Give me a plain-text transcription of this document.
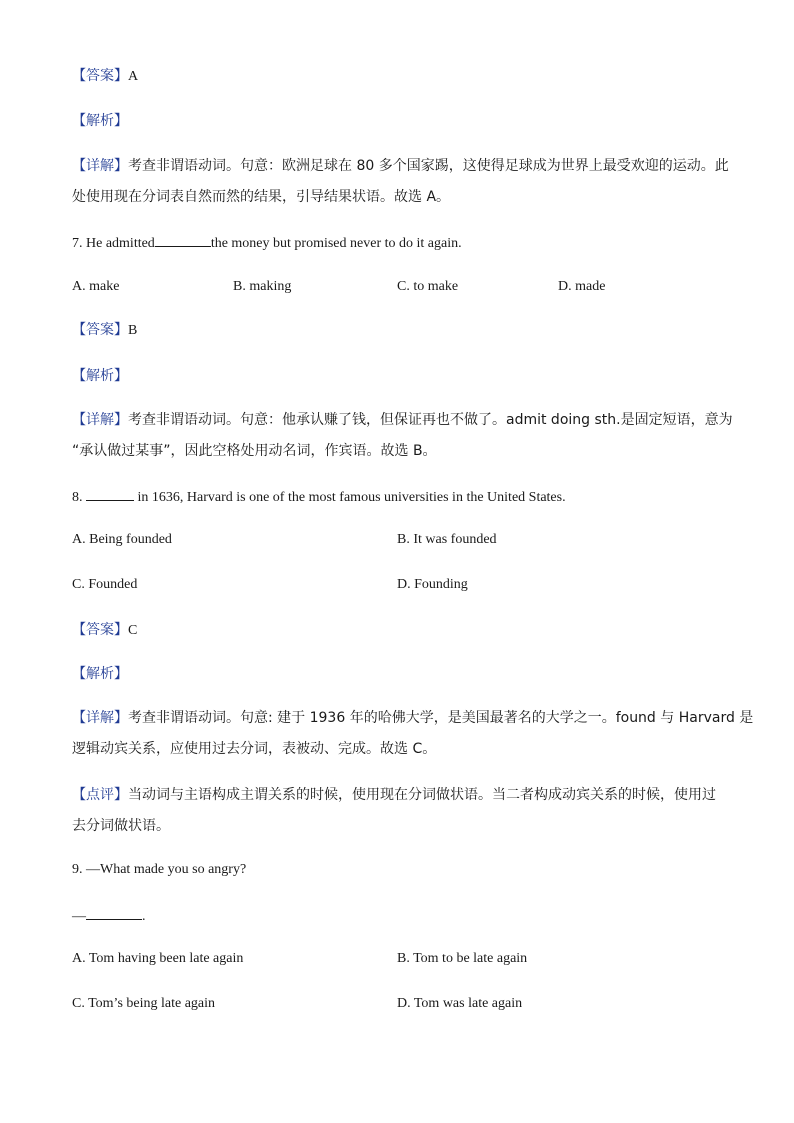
【答案】A
【解析】
【详解】考查非谓语动词。句意：欧洲足球在 80 多个国家踢，这使得足球成为世界上最受欢迎的运动。此
处使用现在分词表自然而然的结果，引导结果状语。故选 A。
7. He admitted	the money but promised never to do it again.
A. make	B. making	C. to make	D. made
【答案】B
【解析】
【详解】考查非谓语动词。句意：他承认赚了钱，但保证再也不做了。admit doing sth.是固定短语，意为
“承认做过某事”，因此空格处用动名词，作宾语。故选 B。
8.	in 1636, Harvard is one of the most famous universities in the United States.
A. Being founded	B. It was founded
C. Founded	D. Founding
【答案】C
【解析】
【详解】考查非谓语动词。句意: 建于 1936 年的哈佛大学，是美国最著名的大学之一。found 与 Harvard 是
逻辑动宾关系，应使用过去分词，表被动、完成。故选 C。
【点评】当动词与主语构成主谓关系的时候，使用现在分词做状语。当二者构成动宾关系的时候，使用过
去分词做状语。
9. —What made you so angry?
—	.
A. Tom having been late again	B. Tom to be late again
C. Tom’s being late again	D. Tom was late again
